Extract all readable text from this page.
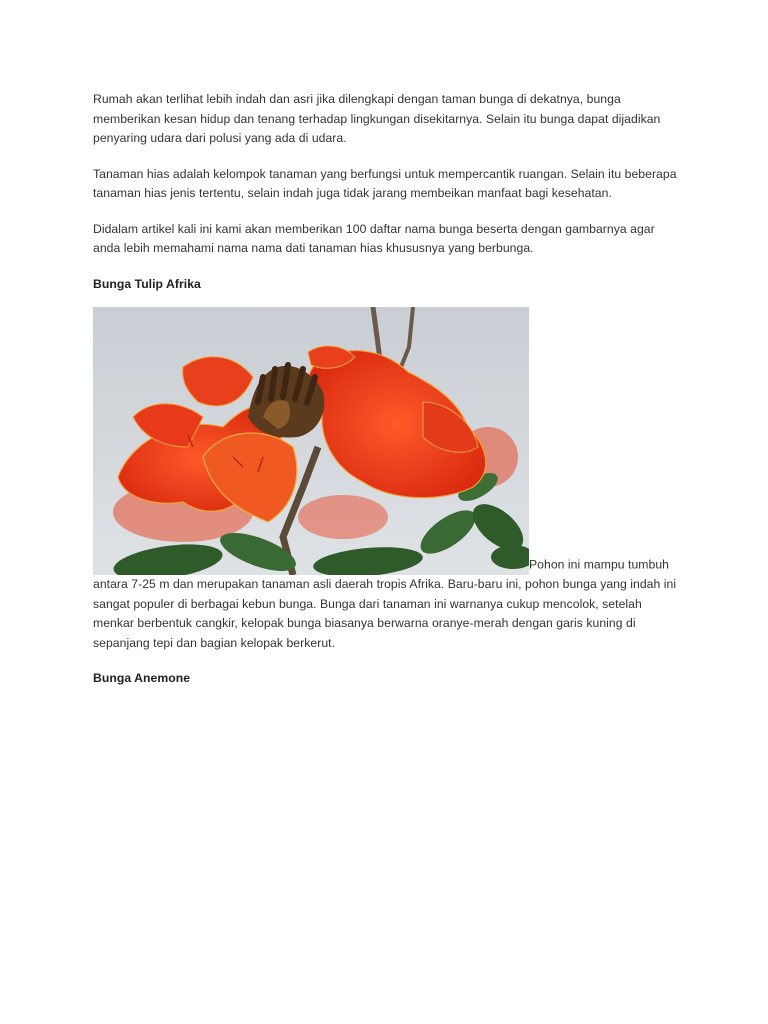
Rumah akan terlihat lebih indah dan asri jika dilengkapi dengan taman bunga di dekatnya, bunga memberikan kesan hidup dan tenang terhadap lingkungan disekitarnya. Selain itu bunga dapat dijadikan penyaring udara dari polusi yang ada di udara.

Tanaman hias adalah kelompok tanaman yang berfungsi untuk mempercantik ruangan. Selain itu beberapa tanaman hias jenis tertentu, selain indah juga tidak jarang membeikan manfaat bagi kesehatan.

Didalam artikel kali ini kami akan memberikan 100 daftar nama bunga beserta dengan gambarnya agar anda lebih memahami nama nama dati tanaman hias khususnya yang berbunga.

Bunga Tulip Afrika
Pohon ini mampu tumbuh antara 7-25 m dan merupakan tanaman asli daerah tropis Afrika. Baru-baru ini, pohon bunga yang indah ini sangat populer di berbagai kebun bunga. Bunga dari tanaman ini warnanya cukup mencolok, setelah menkar berbentuk cangkir, kelopak bunga biasanya berwarna oranye-merah dengan garis kuning di sepanjang tepi dan bagian kelopak berkerut.
Bunga Anemone
